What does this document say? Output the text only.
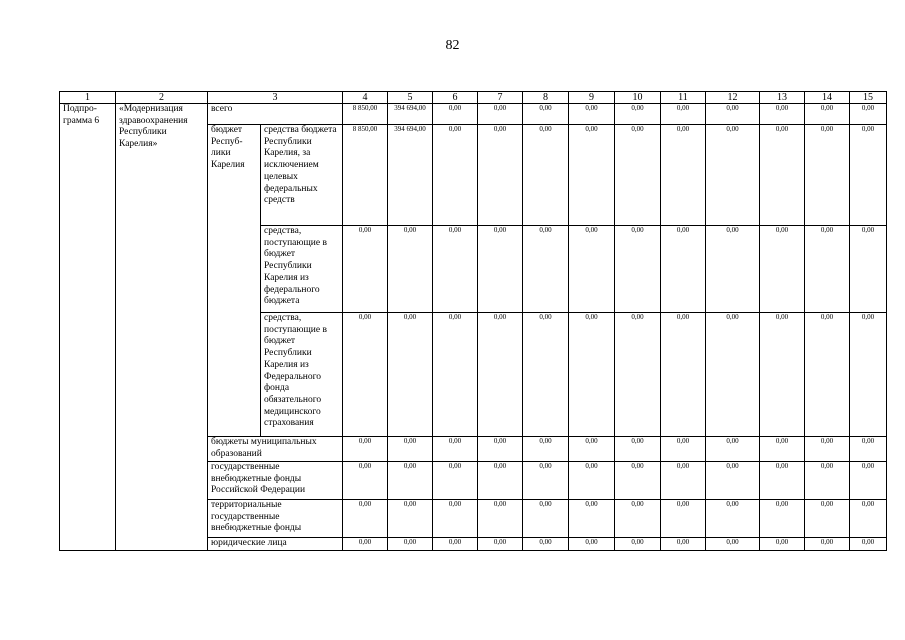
82
1	2	3		4	5	6	7	8	9	10	11	12	13	14	15
Подпро-грамма 6	«Модернизация здравоохранения Республики Карелия»	всего		8 850,00	394 694,00	0,00	0,00	0,00	0,00	0,00	0,00	0,00	0,00	0,00	0,00
		бюджет Респуб-лики Карелия	средства бюджета Республики Карелия, за исключением целевых федеральных средств	8 850,00	394 694,00	0,00	0,00	0,00	0,00	0,00	0,00	0,00	0,00	0,00	0,00
			средства, поступающие в бюджет Республики Карелия из федерального бюджета	0,00	0,00	0,00	0,00	0,00	0,00	0,00	0,00	0,00	0,00	0,00	0,00
			средства, поступающие в бюджет Республики Карелия из Федерального фонда обязательного медицинского страхования	0,00	0,00	0,00	0,00	0,00	0,00	0,00	0,00	0,00	0,00	0,00	0,00
		бюджеты муниципальных образований		0,00	0,00	0,00	0,00	0,00	0,00	0,00	0,00	0,00	0,00	0,00	0,00
		государственные внебюджетные фонды Российской Федерации		0,00	0,00	0,00	0,00	0,00	0,00	0,00	0,00	0,00	0,00	0,00	0,00
		территориальные государственные внебюджетные фонды		0,00	0,00	0,00	0,00	0,00	0,00	0,00	0,00	0,00	0,00	0,00	0,00
		юридические лица		0,00	0,00	0,00	0,00	0,00	0,00	0,00	0,00	0,00	0,00	0,00	0,00
